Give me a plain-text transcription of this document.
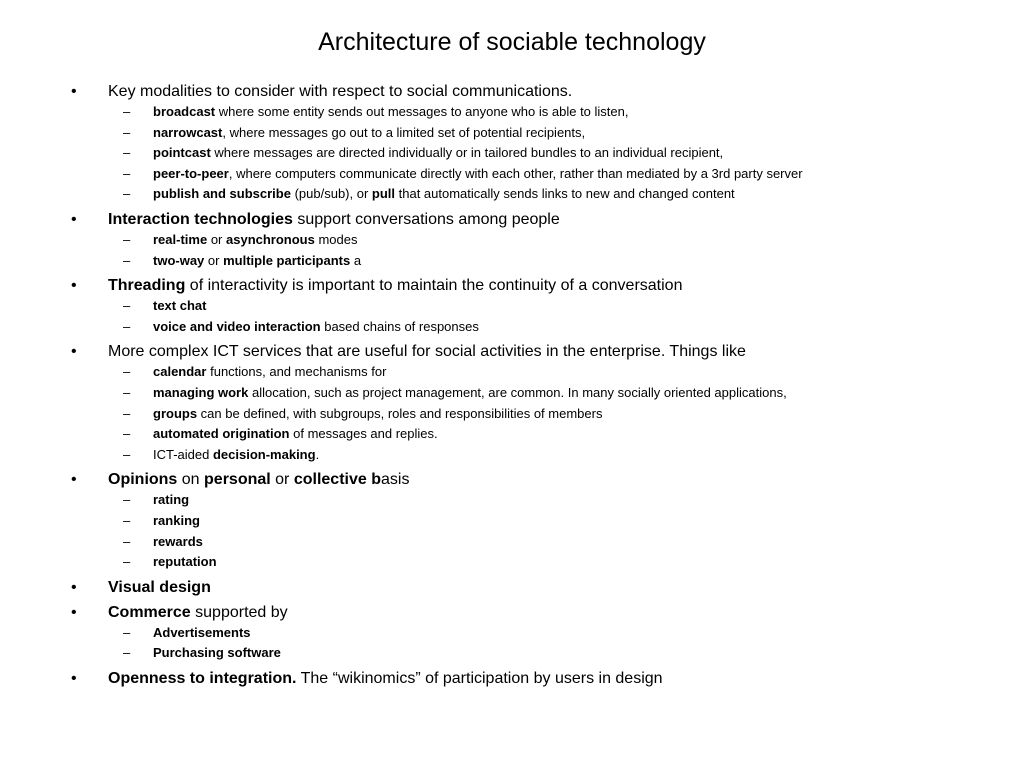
Architecture of sociable technology
• Key modalities to consider with respect to social communications.
– broadcast where some entity sends out messages to anyone who is able to listen,
– narrowcast, where messages go out to a limited set of potential recipients,
– pointcast where messages are directed individually or in tailored bundles to an individual recipient,
– peer-to-peer, where computers communicate directly with each other, rather than mediated by a 3rd party server
– publish and subscribe (pub/sub), or pull that automatically sends links to new and changed content
• Interaction technologies support conversations among people
– real-time or asynchronous modes
– two-way or multiple participants a
• Threading of interactivity is important to maintain the continuity of a conversation
– text chat
– voice and video interaction based chains of responses
• More complex ICT services that are useful for social activities in the enterprise. Things like
– calendar functions, and mechanisms for
– managing work allocation, such as project management, are common. In many socially oriented applications,
– groups can be defined, with subgroups, roles and responsibilities of members
– automated origination of messages and replies.
– ICT-aided decision-making.
• Opinions on personal or collective basis
– rating
– ranking
– rewards
– reputation
• Visual design
• Commerce supported by
– Advertisements
– Purchasing software
• Openness to integration. The “wikinomics” of participation by users in design
